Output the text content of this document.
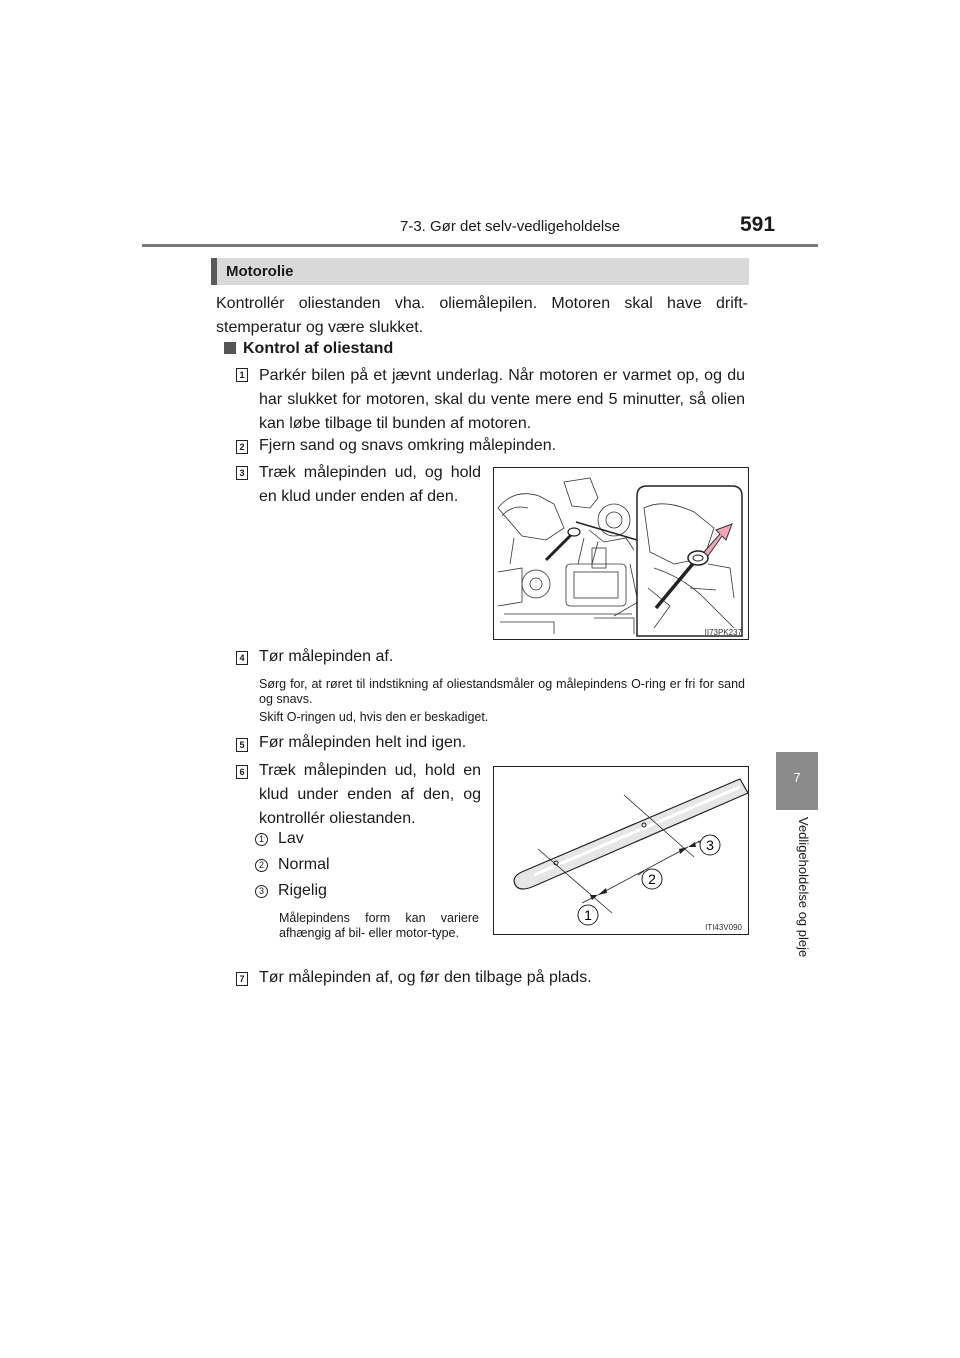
7-3. Gør det selv-vedligeholdelse	591
7
Vedligeholdelse og pleje
Motorolie
Kontrollér oliestanden vha. oliemålepilen. Motoren skal have drift-stemperatur og være slukket.
Kontrol af oliestand
1 Parkér bilen på et jævnt underlag. Når motoren er varmet op, og du har slukket for motoren, skal du vente mere end 5 minutter, så olien kan løbe tilbage til bunden af motoren.
2 Fjern sand og snavs omkring målepinden.
3 Træk målepinden ud, og hold en klud under enden af den.
II73PK237
4 Tør målepinden af.
Sørg for, at røret til indstikning af oliestandsmåler og målepindens O-ring er fri for sand og snavs.
Skift O-ringen ud, hvis den er beskadiget.
5 Før målepinden helt ind igen.
6 Træk målepinden ud, hold en klud under enden af den, og kontrollér oliestanden.
1 Lav
2 Normal
3 Rigelig
Målepindens form kan variere afhængig af bil- eller motor-type.
1
2
3
ITI43V090
7 Tør målepinden af, og før den tilbage på plads.
